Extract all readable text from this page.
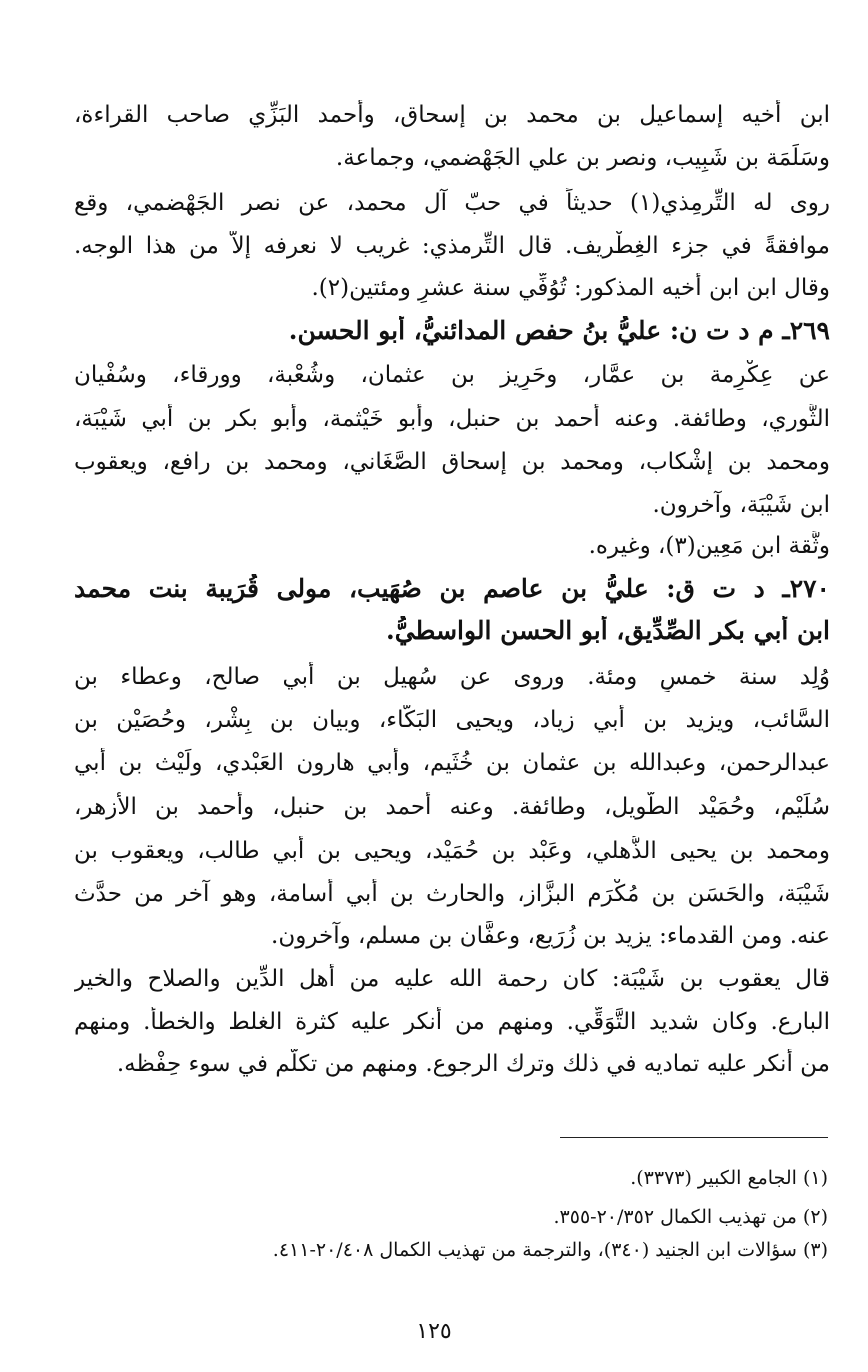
ابن أخيه إسماعيل بن محمد بن إسحاق، وأحمد البَزِّي صاحب القراءة،
وسَلَمَة بن شَبِيب، ونصر بن علي الجَهْضمي، وجماعة.
روى له التِّرمِذي(١) حديثاً في حبّ آل محمد، عن نصر الجَهْضمي، وقع
موافقةً في جزء الغِطْريف. قال التِّرمذي: غريب لا نعرفه إلاّ من هذا الوجه.
وقال ابن ابن أخيه المذكور: تُوُفِّي سنة عشرٍ ومئتين(٢).
٢٦٩ـ م د ت ن: عليُّ بنُ حفص المدائنيُّ، أبو الحسن.
عن عِكْرِمة بن عمَّار، وحَرِيز بن عثمان، وشُعْبة، وورقاء، وسُفْيان
الثَّوري، وطائفة. وعنه أحمد بن حنبل، وأبو خَيْثمة، وأبو بكر بن أبي شَيْبَة،
ومحمد بن إشْكاب، ومحمد بن إسحاق الصَّغَاني، ومحمد بن رافع، ويعقوب
ابن شَيْبَة، وآخرون.
وثَّقة ابن مَعِين(٣)، وغيره.
٢٧٠ـ د ت ق: عليُّ بن عاصم بن صُهَيب، مولى قُرَيبة بنت محمد
ابن أبي بكر الصِّدِّيق، أبو الحسن الواسطيُّ.
وُلِد سنة خمسٍ ومئة. وروى عن سُهيل بن أبي صالح، وعطاء بن
السَّائب، ويزيد بن أبي زياد، ويحيى البَكَّاء، وبيان بن بِشْر، وحُصَيْن بن
عبدالرحمن، وعبدالله بن عثمان بن خُثَيم، وأبي هارون العَبْدي، ولَيْث بن أبي
سُلَيْم، وحُمَيْد الطَّويل، وطائفة. وعنه أحمد بن حنبل، وأحمد بن الأزهر،
ومحمد بن يحيى الذُّهلي، وعَبْد بن حُمَيْد، ويحيى بن أبي طالب، ويعقوب بن
شَيْبَة، والحَسَن بن مُكْرَم البزَّاز، والحارث بن أبي أُسامة، وهو آخر من حدَّث
عنه. ومن القدماء: يزيد بن زُرَيع، وعفَّان بن مسلم، وآخرون.
قال يعقوب بن شَيْبَة: كان رحمة الله عليه من أهل الدِّين والصلاح والخير
البارع. وكان شديد التَّوَقِّي. ومنهم من أنكر عليه كثرة الغلط والخطأ. ومنهم
من أنكر عليه تماديه في ذلك وترك الرجوع. ومنهم من تكلَّم في سوء حِفْظه.
(١) الجامع الكبير (٣٣٧٣).
(٢) من تهذيب الكمال ٢٠/٣٥٢-٣٥٥.
(٣) سؤالات ابن الجنيد (٣٤٠)، والترجمة من تهذيب الكمال ٢٠/٤٠٨-٤١١.
١٢٥
